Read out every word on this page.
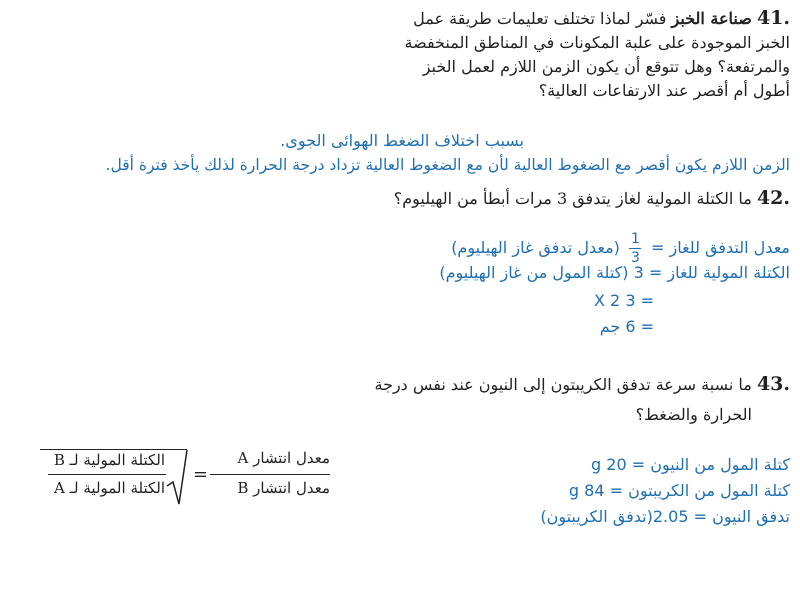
41. صناعة الخبز فسّر لماذا تختلف تعليمات طريقة عمل
الخبز الموجودة على علبة المكونات في المناطق المنخفضة
والمرتفعة؟ وهل تتوقع أن يكون الزمن اللازم لعمل الخبز
أطول أم أقصر عند الارتفاعات العالية؟
بسبب اختلاف الضغط الهوائى الجوى.
الزمن اللازم يكون أقصر مع الضغوط العالية لأن مع الضغوط العالية تزداد درجة الحرارة لذلك يأخذ فترة أقل.
42. ما الكتلة المولية لغاز يتدفق 3 مرات أبطأ من الهيليوم؟
معدل التدفق للغاز =
$\frac{1}{3}$
(معدل تدفق غاز الهيليوم)
الكتلة المولية للغاز = 3 (كتلة المول من غاز الهيليوم)
= 3 X 2
= 6 جم
43. ما نسبة سرعة تدفق الكريبتون إلى النيون عند نفس درجة
الحرارة والضغط؟
كتلة المول من النيون = g 20
كتلة المول من الكريبتون = g 84
تدفق النيون = 2.05(تدفق الكريبتون)
معدل انتشار A
معدل انتشار B
=
الكتلة المولية لـ B
الكتلة المولية لـ A
